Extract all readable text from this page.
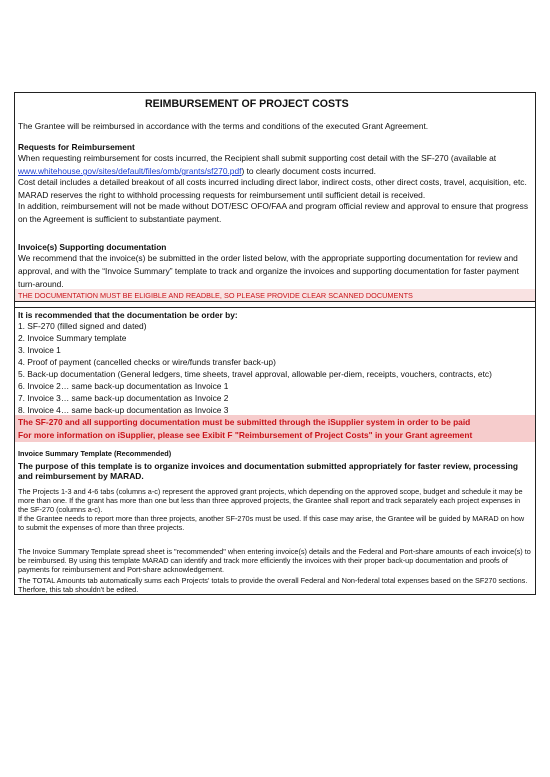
REIMBURSEMENT OF PROJECT COSTS
The Grantee will be reimbursed in accordance with the terms and conditions of the executed Grant Agreement.
Requests for Reimbursement
When requesting reimbursement for costs incurred, the Recipient shall submit supporting cost detail with the SF-270 (available at
www.whitehouse.gov/sites/default/files/omb/grants/sf270.pdf) to clearly document costs incurred.
Cost detail includes a detailed breakout of all costs incurred including direct labor, indirect costs, other direct costs, travel, acquisition, etc.
MARAD reserves the right to withhold processing requests for reimbursement until sufficient detail is received.
In addition, reimbursement will not be made without DOT/ESC OFO/FAA and program official review and approval to ensure that progress
on the Agreement is sufficient to substantiate payment.
Invoice(s) Supporting documentation
We recommend that the invoice(s) be submitted in the order listed below, with the appropriate supporting documentation for review and
approval, and with the “Invoice Summary” template to track and organize the invoices and supporting documentation for faster payment
turn-around.
THE DOCUMENTATION MUST BE ELIGIBLE AND READBLE, SO PLEASE PROVIDE CLEAR SCANNED DOCUMENTS
It is recommended that the documentation be order by:
1. SF-270 (filled signed and dated)
2. Invoice Summary template
3. Invoice 1
4. Proof of payment (cancelled checks or wire/funds transfer back-up)
5. Back-up documentation (General ledgers, time sheets, travel approval, allowable per-diem, receipts, vouchers, contracts, etc)
6. Invoice 2… same back-up documentation as Invoice 1
7. Invoice 3… same back-up documentation as Invoice 2
8. Invoice 4… same back-up documentation as Invoice 3
The SF-270 and all supporting documentation must be submitted through the iSupplier system in order to be paid
For more information on iSupplier, please see Exibit F "Reimbursement of Project Costs" in your Grant agreement
Invoice Summary Template (Recommended)
The purpose of this template is to organize invoices and documentation submitted appropriately for faster review, processing and reimbursement by MARAD.
The Projects 1-3 and 4-6 tabs (columns a-c) represent the approved grant projects, which depending on the approved scope, budget and schedule it may be more than one. If the grant has more than one but less than three approved projects, the Grantee shall report and track separately each project expenses in the SF-270 (columns a-c).
If the Grantee needs to report more than three projects, another SF-270s must be used. If this case may arise, the Grantee will be guided by MARAD on how to submit the expenses of more than three projects.
The Invoice Summary Template spread sheet is "recommended" when entering invoice(s) details and the Federal and Port-share amounts of each invoice(s) to be reimbursed. By using this template MARAD can identify and track more efficiently the invoices with their proper back-up documentation and proofs of payments for reimbursement and Port-share acknowledgement.
The TOTAL Amounts tab automatically sums each Projects' totals to provide the overall Federal and Non-federal total expenses based on the SF270 sections. Therfore, this tab shouldn't be edited.
